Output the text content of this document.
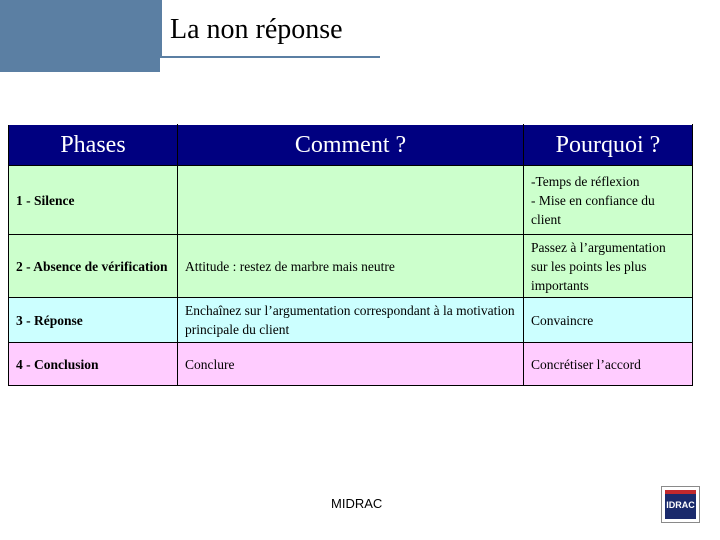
La non réponse
Phases	Comment ?	Pourquoi ?
1 - Silence		-Temps de réflexion
- Mise en confiance du client

2 - Absence de vérification	Attitude : restez de marbre mais neutre	Passez à l’argumentation sur les points les plus importants
3 - Réponse	Enchaînez sur l’argumentation correspondant à la motivation principale du client	Convaincre
4 - Conclusion	Conclure	Concrétiser l’accord
MIDRAC	IDRAC
